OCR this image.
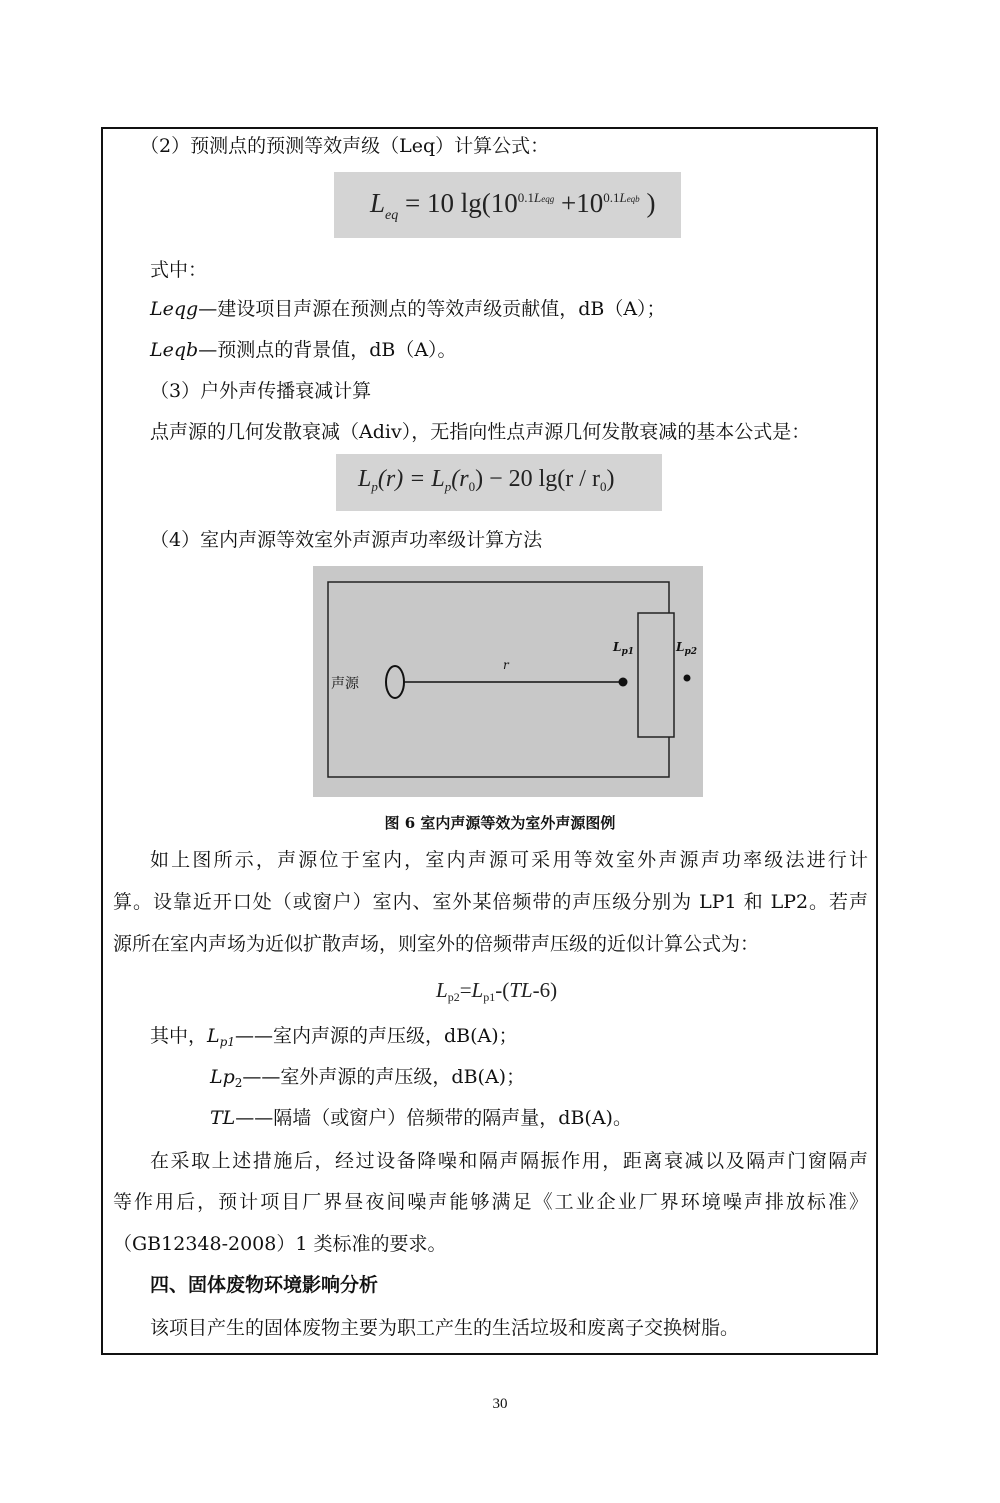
（2）预测点的预测等效声级（Leq）计算公式：
$L_{eq} = 10$ $\lg(10^{0.1Leqg} +10^{0.1Leqb}$ )
式中：
Leqg—建设项目声源在预测点的等效声级贡献值，dB（A）；
Leqb—预测点的背景值，dB（A）。
（3）户外声传播衰减计算
点声源的几何发散衰减（Adiv），无指向性点声源几何发散衰减的基本公式是：
$L_p(r) = L_p(r_0) - 20$ $\lg(r / r_0)$
（4）室内声源等效室外声源声功率级计算方法
声源
r
$L_{p1}$	$L_{p2}$
图 6 室内声源等效为室外声源图例
如上图所示，声源位于室内，室内声源可采用等效室外声源声功率级法进行计
算。设靠近开口处（或窗户）室内、室外某倍频带的声压级分别为 LP1 和 LP2。若声
源所在室内声场为近似扩散声场，则室外的倍频带声压级的近似计算公式为：
$L_{p2}=L_{p1}-(TL-6)$
其中，$L_{p1}——$室内声源的声压级，dB(A)；
$Lp_2——$室外声源的声压级，dB(A)；
TL——隔墙（或窗户）倍频带的隔声量，dB(A)。
在采取上述措施后，经过设备降噪和隔声隔振作用，距离衰减以及隔声门窗隔声
等作用后，预计项目厂界昼夜间噪声能够满足《工业企业厂界环境噪声排放标准》
（GB12348-2008）1 类标准的要求。
四、固体废物环境影响分析
该项目产生的固体废物主要为职工产生的生活垃圾和废离子交换树脂。
30
